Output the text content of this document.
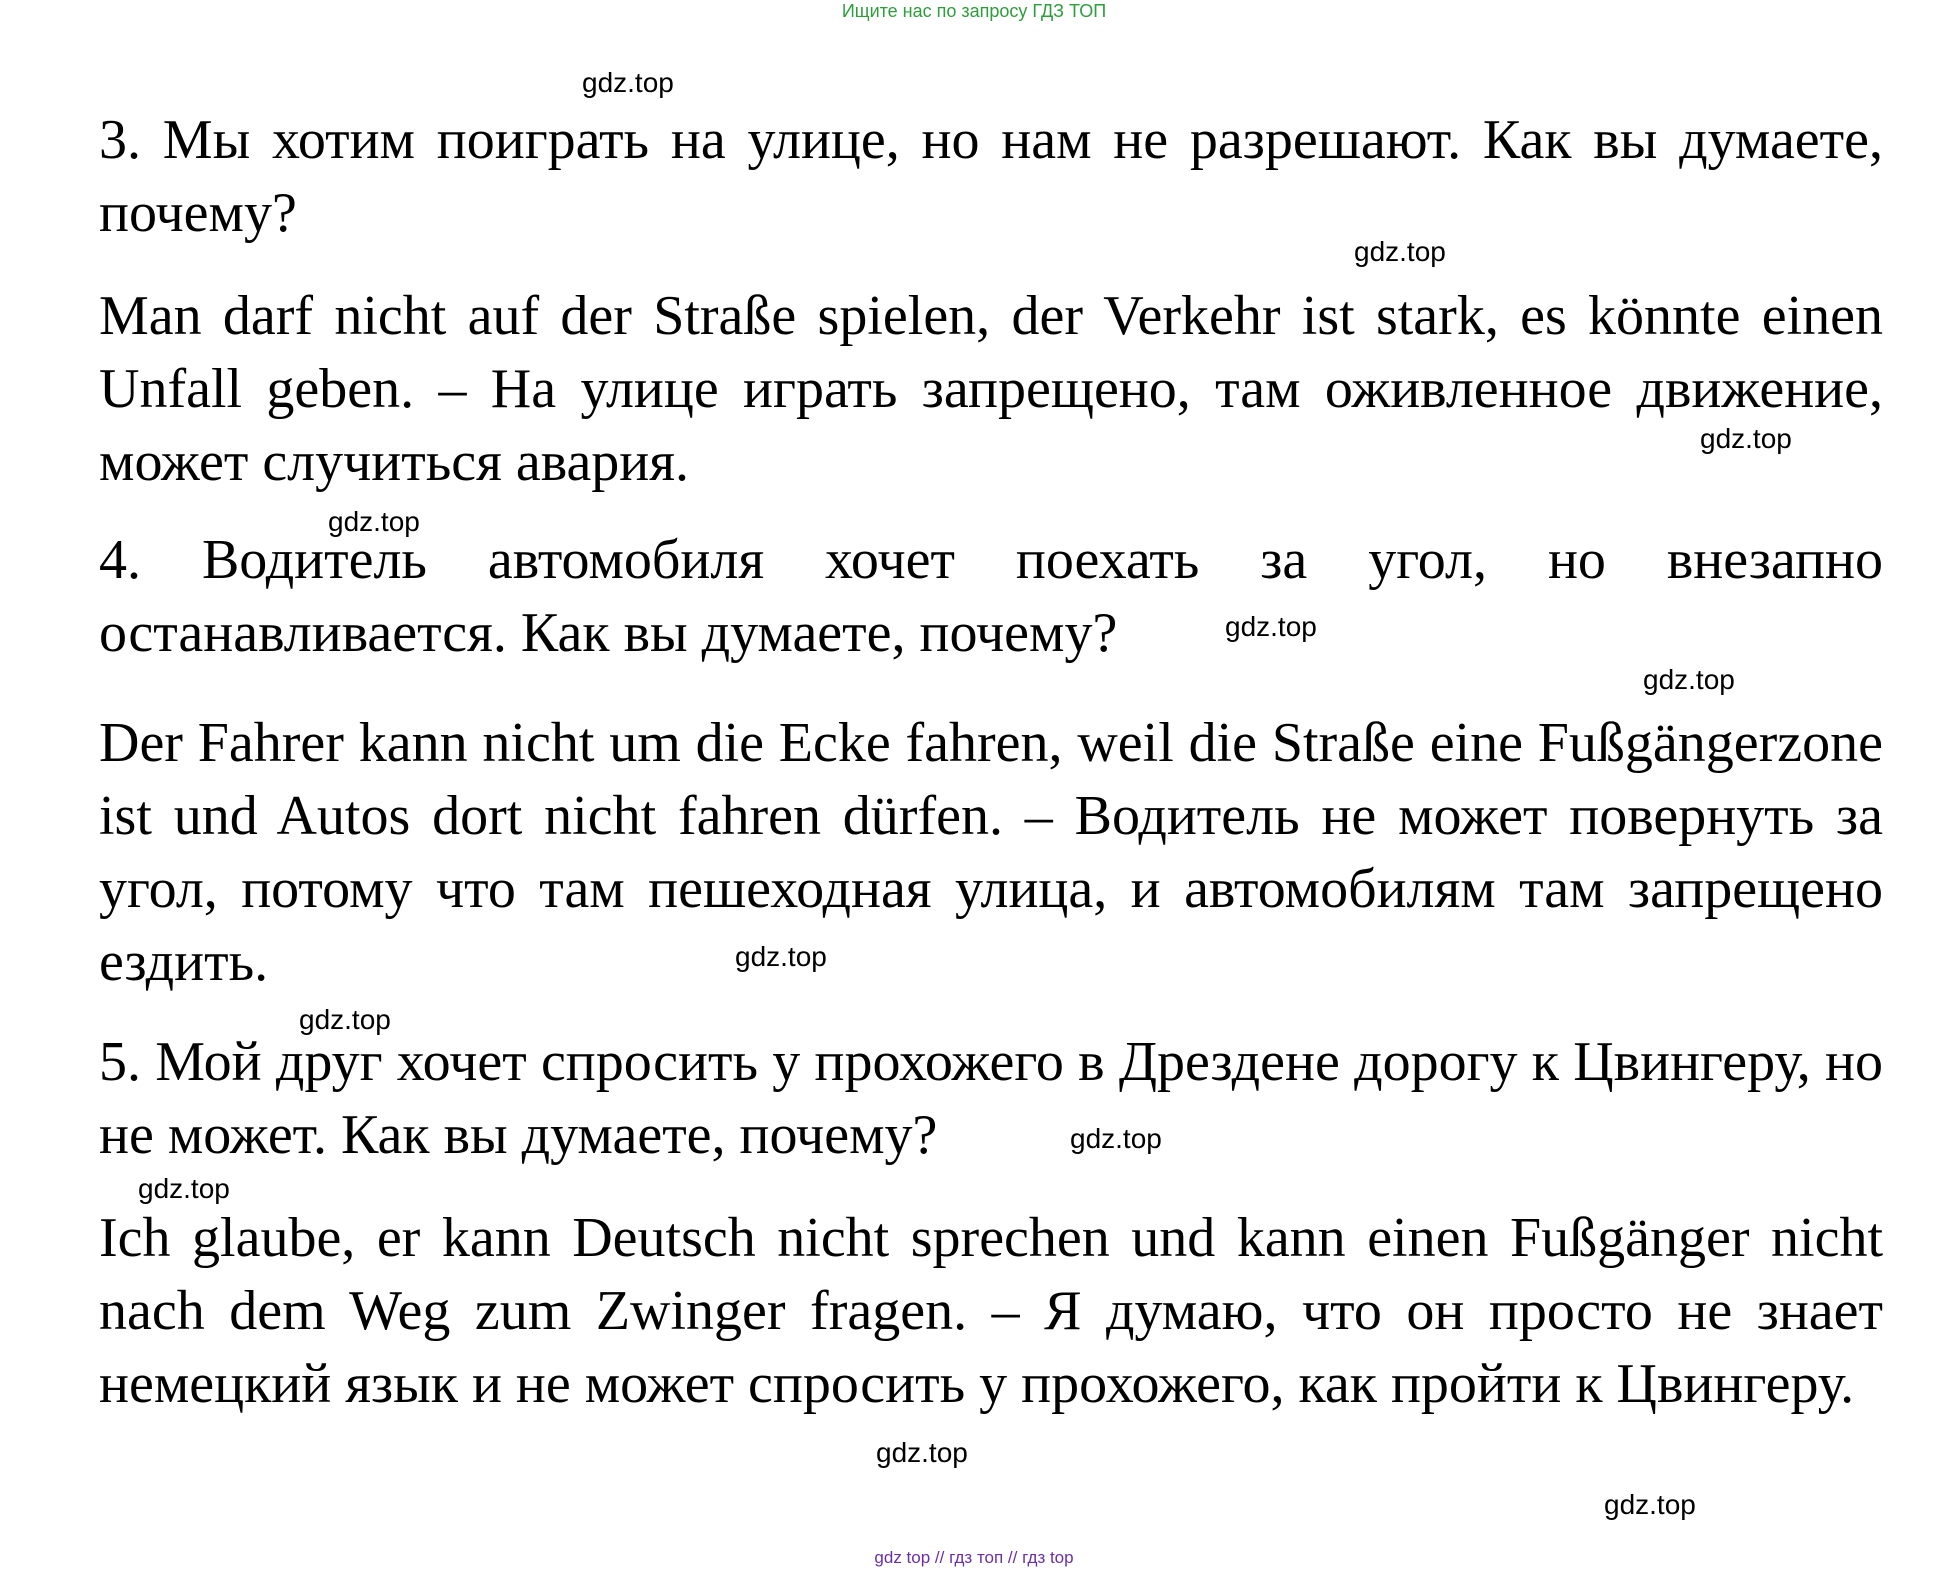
Ищите нас по запросу ГДЗ ТОП

3. Мы хотим поиграть на улице, но нам не разрешают. Как вы думаете, почему?

Man darf nicht auf der Straße spielen, der Verkehr ist stark, es könnte einen Unfall geben. – На улице играть запрещено, там оживленное движение, может случиться авария.

4. Водитель автомобиля хочет поехать за угол, но внезапно останавливается. Как вы думаете, почему?

Der Fahrer kann nicht um die Ecke fahren, weil die Straße eine Fußgängerzone ist und Autos dort nicht fahren dürfen. – Водитель не может повернуть за угол, потому что там пешеходная улица, и автомобилям там запрещено ездить.

5. Мой друг хочет спросить у прохожего в Дрездене дорогу к Цвингеру, но не может. Как вы думаете, почему?

Ich glaube, er kann Deutsch nicht sprechen und kann einen Fußgänger nicht nach dem Weg zum Zwinger fragen. – Я думаю, что он просто не знает немецкий язык и не может спросить у прохожего, как пройти к Цвингеру.

gdz.top
gdz.top
gdz.top
gdz.top
gdz.top
gdz.top
gdz.top
gdz.top
gdz.top
gdz.top
gdz.top
gdz.top
gdz top // гдз топ // гдз top
